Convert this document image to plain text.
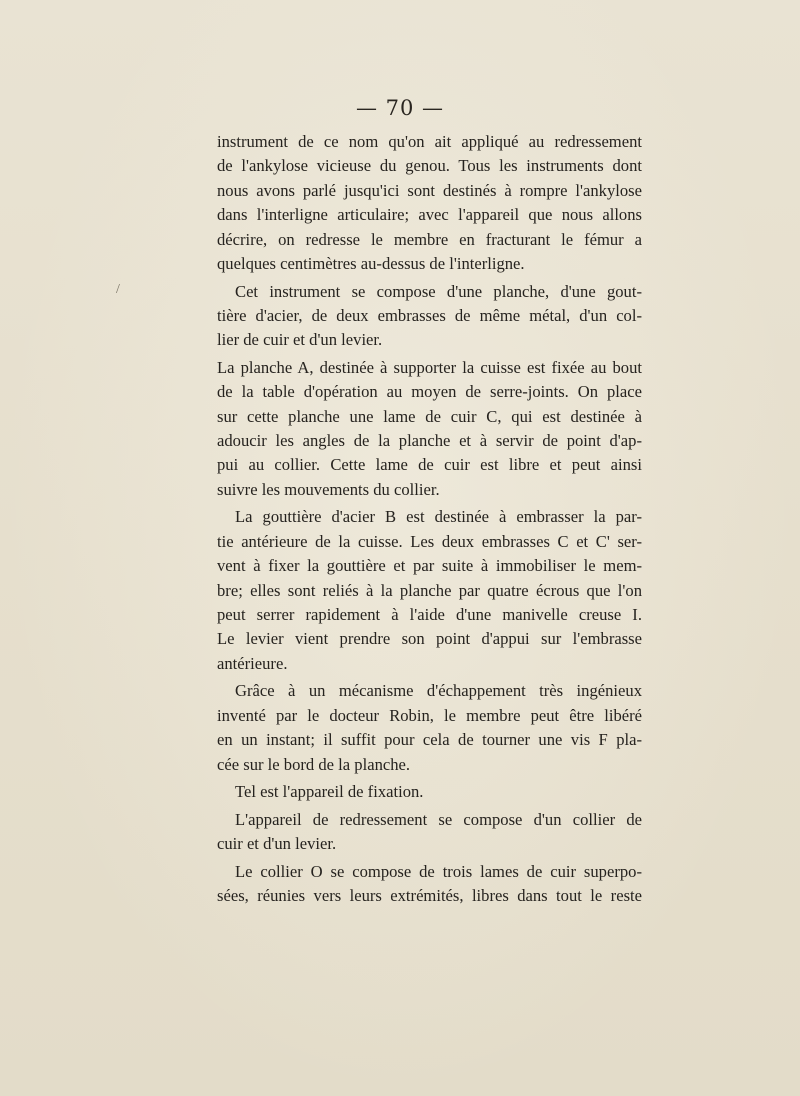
— 70 —
/
instrument de ce nom qu'on ait appliqué au redressement
de l'ankylose vicieuse du genou. Tous les instruments dont
nous avons parlé jusqu'ici sont destinés à rompre l'ankylose
dans l'interligne articulaire; avec l'appareil que nous allons
décrire, on redresse le membre en fracturant le fémur a
quelques centimètres au-dessus de l'interligne.
Cet instrument se compose d'une planche, d'une gout-
tière d'acier, de deux embrasses de même métal, d'un col-
lier de cuir et d'un levier.
La planche A, destinée à supporter la cuisse est fixée au bout
de la table d'opération au moyen de serre-joints. On place
sur cette planche une lame de cuir C, qui est destinée à
adoucir les angles de la planche et à servir de point d'ap-
pui au collier. Cette lame de cuir est libre et peut ainsi
suivre les mouvements du collier.
La gouttière d'acier B est destinée à embrasser la par-
tie antérieure de la cuisse. Les deux embrasses C et C' ser-
vent à fixer la gouttière et par suite à immobiliser le mem-
bre; elles sont reliés à la planche par quatre écrous que l'on
peut serrer rapidement à l'aide d'une manivelle creuse I.
Le levier vient prendre son point d'appui sur l'embrasse
antérieure.
Grâce à un mécanisme d'échappement très ingénieux
inventé par le docteur Robin, le membre peut être libéré
en un instant; il suffit pour cela de tourner une vis F pla-
cée sur le bord de la planche.
Tel est l'appareil de fixation.
L'appareil de redressement se compose d'un collier de
cuir et d'un levier.
Le collier O se compose de trois lames de cuir superpo-
sées, réunies vers leurs extrémités, libres dans tout le reste
